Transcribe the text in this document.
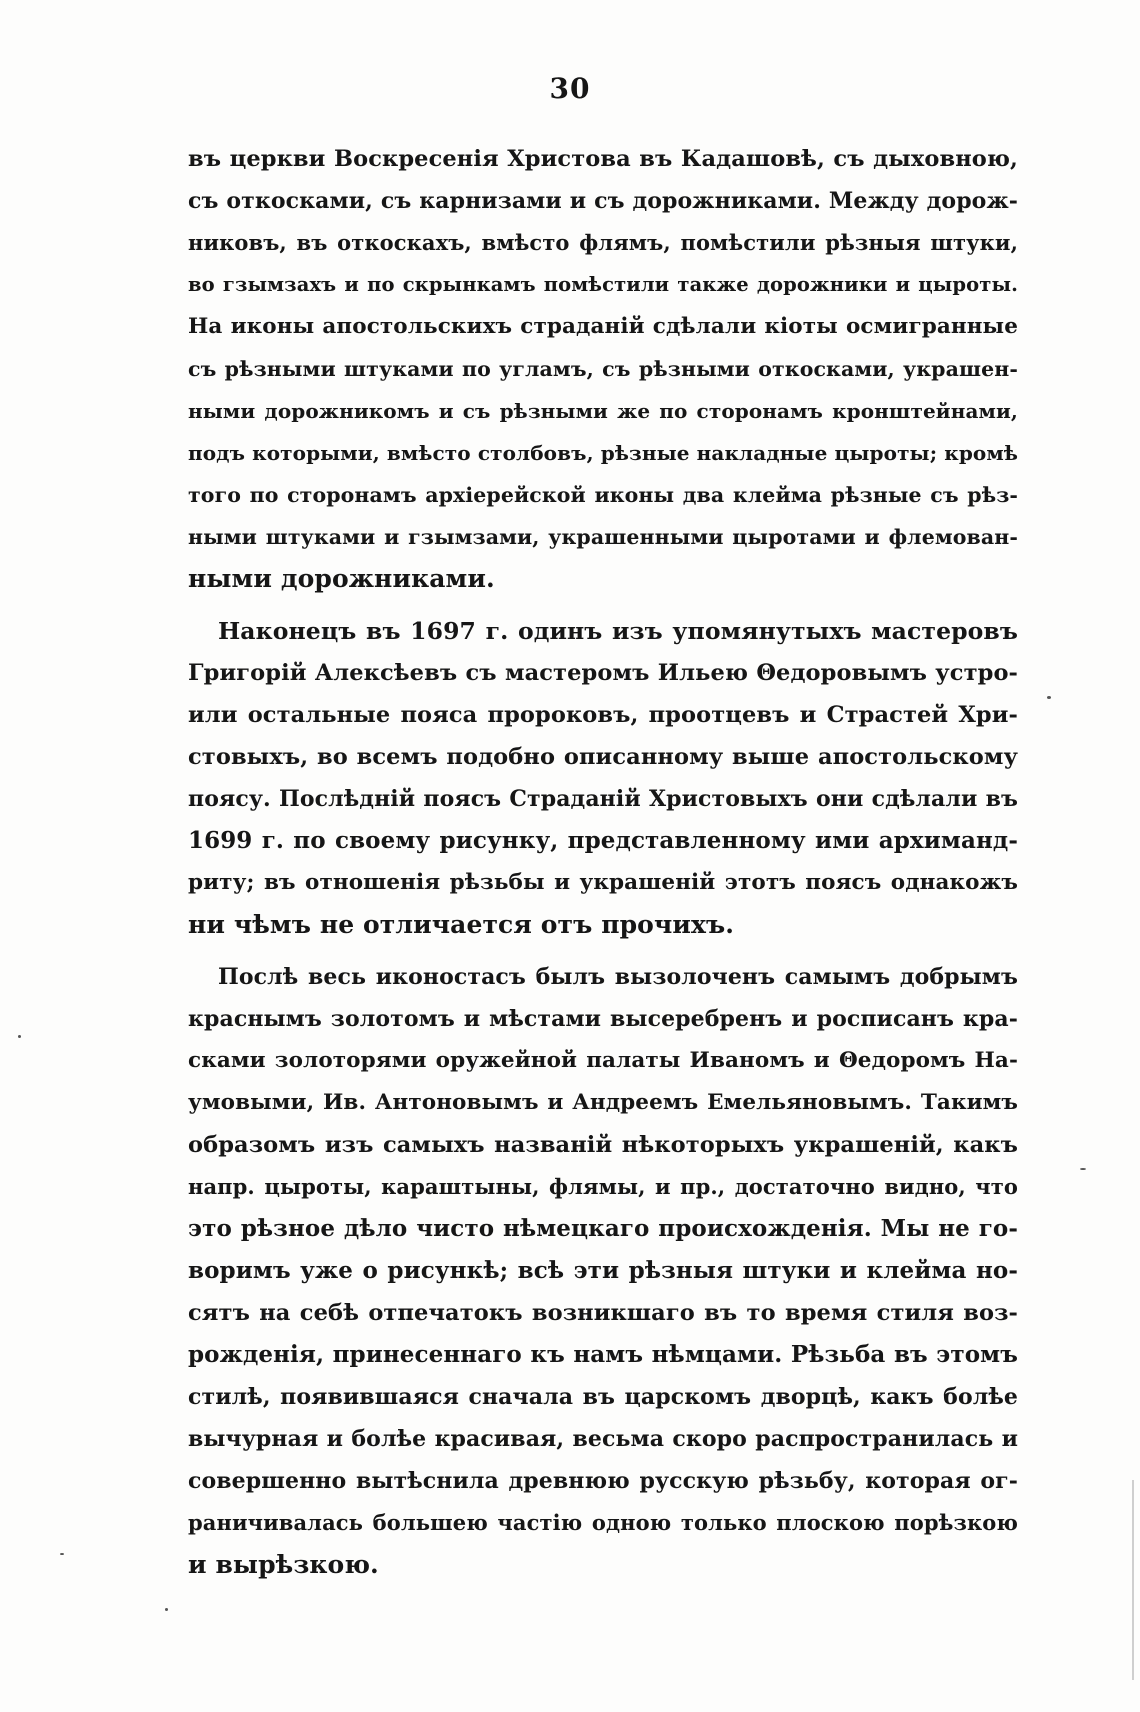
30
въ церкви Воскресенія Христова въ Кадашовѣ, съ дыховною,
съ откосками, съ карнизами и съ дорожниками. Между дорож-
никовъ, въ откоскахъ, вмѣсто флямъ, помѣстили рѣзныя штуки,
во гзымзахъ и по скрынкамъ помѣстили также дорожники и цыроты.
На иконы апостольскихъ страданій сдѣлали кіоты осмигранные
съ рѣзными штуками по угламъ, съ рѣзными откосками, украшен-
ными дорожникомъ и съ рѣзными же по сторонамъ кронштейнами,
подъ которыми, вмѣсто столбовъ, рѣзные накладные цыроты; кромѣ
того по сторонамъ архіерейской иконы два клейма рѣзные съ рѣз-
ными штуками и гзымзами, украшенными цыротами и флемован-
ными дорожниками.
Наконецъ въ 1697 г. одинъ изъ упомянутыхъ мастеровъ
Григорій Алексѣевъ съ мастеромъ Ильею Θедоровымъ устро-
или остальные пояса пророковъ, проотцевъ и Страстей Хри-
стовыхъ, во всемъ подобно описанному выше апостольскому
поясу. Послѣдній поясъ Страданій Христовыхъ они сдѣлали въ
1699 г. по своему рисунку, представленному ими архиманд-
риту; въ отношенія рѣзьбы и украшеній этотъ поясъ однакожъ
ни чѣмъ не отличается отъ прочихъ.
Послѣ весь иконостасъ былъ вызолоченъ самымъ добрымъ
краснымъ золотомъ и мѣстами высеребренъ и росписанъ кра-
сками золоторями оружейной палаты Иваномъ и Θедоромъ На-
умовыми, Ив. Антоновымъ и Андреемъ Емельяновымъ. Такимъ
образомъ изъ самыхъ названій нѣкоторыхъ украшеній, какъ
напр. цыроты, караштыны, флямы, и пр., достаточно видно, что
это рѣзное дѣло чисто нѣмецкаго происхожденія. Мы не го-
воримъ уже о рисункѣ; всѣ эти рѣзныя штуки и клейма но-
сятъ на себѣ отпечатокъ возникшаго въ то время стиля воз-
рожденія, принесеннаго къ намъ нѣмцами. Рѣзьба въ этомъ
стилѣ, появившаяся сначала въ царскомъ дворцѣ, какъ болѣе
вычурная и болѣе красивая, весьма скоро распространилась и
совершенно вытѣснила древнюю русскую рѣзьбу, которая ог-
раничивалась большею частію одною только плоскою порѣзкою
и вырѣзкою.
